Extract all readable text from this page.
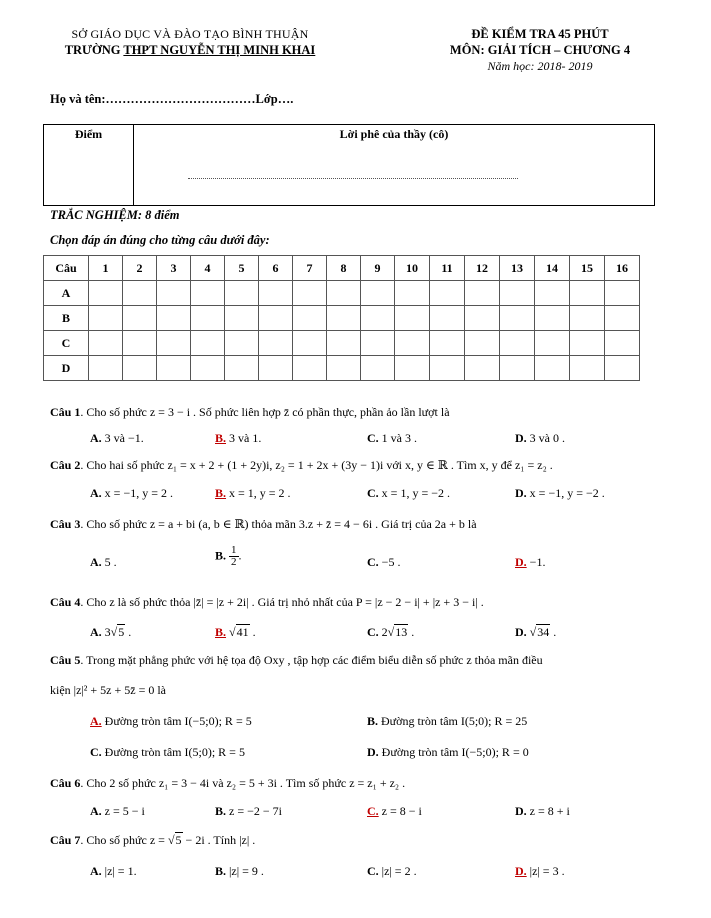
SỞ GIÁO DỤC VÀ ĐÀO TẠO BÌNH THUẬN
TRƯỜNG THPT NGUYỄN THỊ MINH KHAI
ĐỀ KIỂM TRA 45 PHÚT
MÔN: GIẢI TÍCH – CHƯƠNG 4
Năm học: 2018- 2019
Họ và tên:………………………………Lớp….
Điểm	Lời phê của thầy (cô)
TRẮC NGHIỆM: 8 điểm
Chọn đáp án đúng cho từng câu dưới đây:
Câu	1	2	3	4	5	6	7	8	9	10	11	12	13	14	15	16
A																
B																
C																
D																
Câu 1. Cho số phức z = 3 − i . Số phức liên hợp z̄ có phần thực, phần ảo lần lượt là
A. 3 và −1.	B. 3 và 1.	C. 1 và 3 .	D. 3 và 0 .
Câu 2. Cho hai số phức z₁ = x + 2 + (1 + 2y)i, z₂ = 1 + 2x + (3y − 1)i với x, y ∈ ℝ . Tìm x, y để z₁ = z₂ .
A. x = −1, y = 2 .	B. x = 1, y = 2 .	C. x = 1, y = −2 .	D. x = −1, y = −2 .
Câu 3. Cho số phức z = a + bi (a, b ∈ ℝ) thỏa mãn 3.z + z̄ = 4 − 6i . Giá trị của 2a + b là
A. 5 .	B. $\frac{1}{2}$ .	C. −5 .	D. −1.
Câu 4. Cho z là số phức thỏa |z̄| = |z + 2i| . Giá trị nhỏ nhất của P = |z − 2 − i| + |z + 3 − i| .
A. 3√5 .	B. √41 .	C. 2√13 .	D. √34 .
Câu 5. Trong mặt phẳng phức với hệ tọa độ Oxy , tập hợp các điểm biểu diễn số phức z thỏa mãn điều
kiện |z|² + 5z + 5z̄ = 0 là
A. Đường tròn tâm I(−5;0); R = 5	B. Đường tròn tâm I(5;0); R = 25
C. Đường tròn tâm I(5;0); R = 5	D. Đường tròn tâm I(−5;0); R = 0
Câu 6. Cho 2 số phức z₁ = 3 − 4i và z₂ = 5 + 3i . Tìm số phức z = z₁ + z₂ .
A. z = 5 − i	B. z = −2 − 7i	C. z = 8 − i	D. z = 8 + i
Câu 7. Cho số phức z = √5 − 2i . Tính |z| .
A. |z| = 1.	B. |z| = 9 .	C. |z| = 2 .	D. |z| = 3 .
